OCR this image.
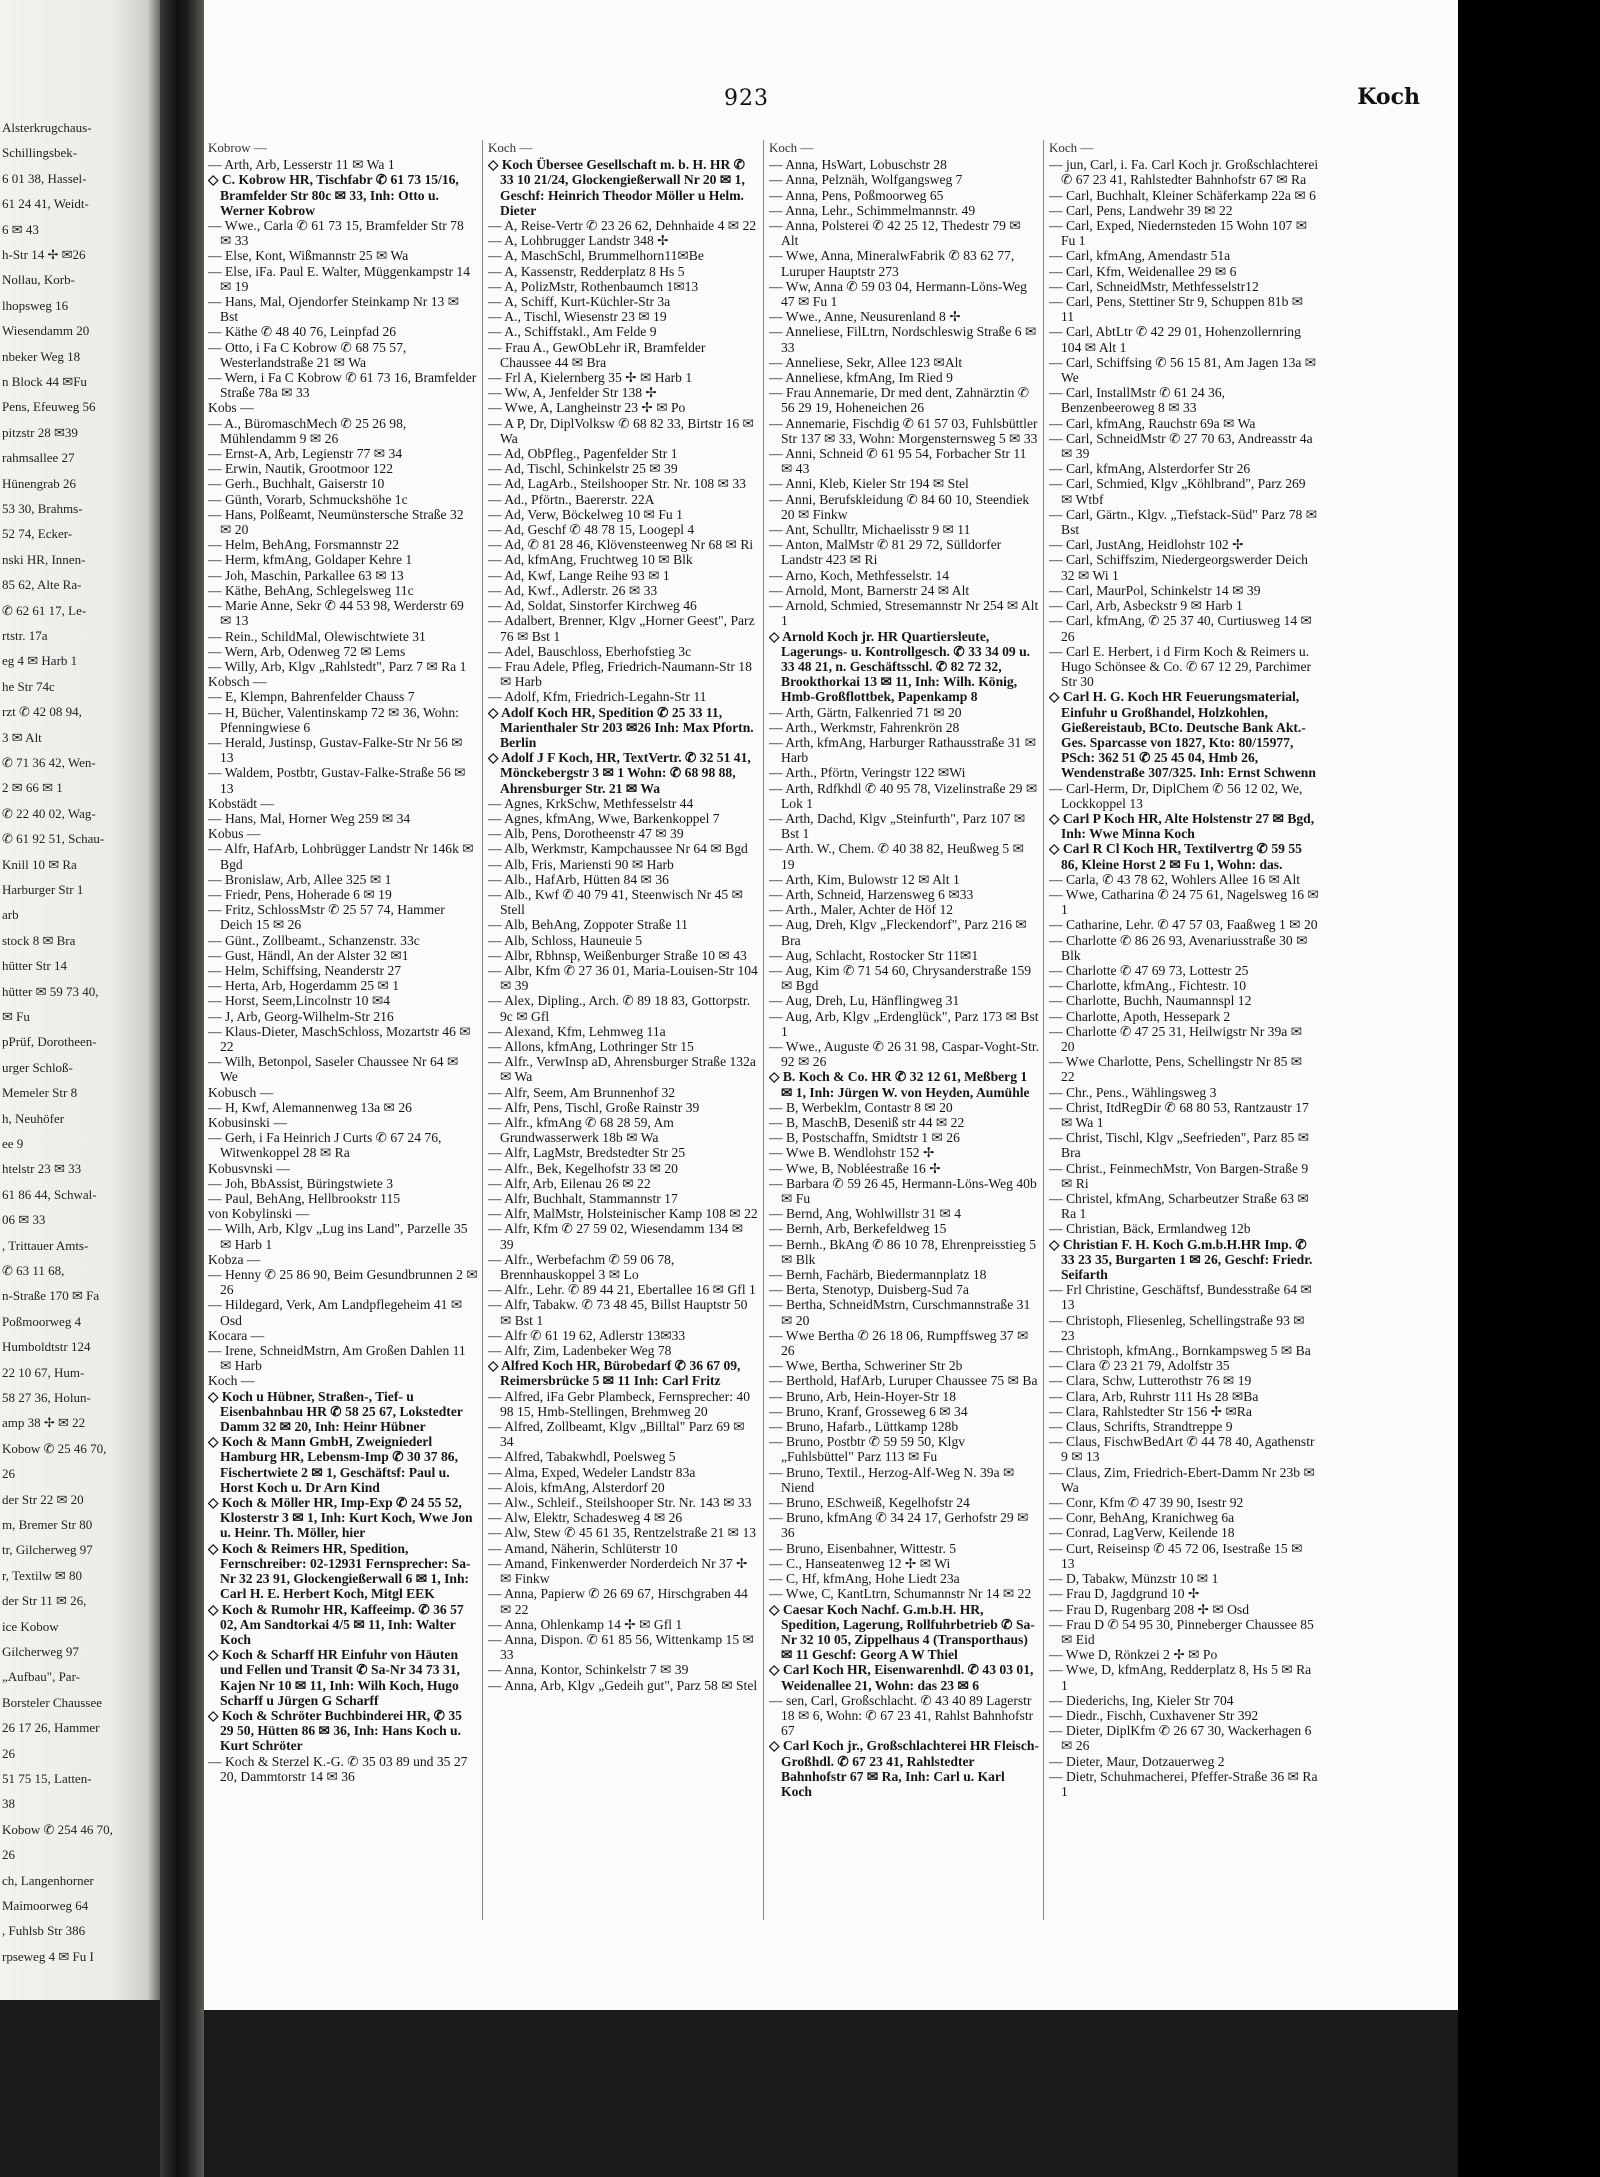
Alsterkrugchaus-
Schillingsbek-
6 01 38, Hassel-
61 24 41, Weidt-
6 ✉ 43
h-Str 14 ✢ ✉26
Nollau, Korb-
lhopsweg 16
Wiesendamm 20
nbeker Weg 18
n Block 44 ✉Fu
Pens, Efeuweg 56
pitzstr 28 ✉39
rahmsallee 27
Hünengrab 26
53 30, Brahms-
52 74, Ecker-
nski HR, Innen-
85 62, Alte Ra-
✆ 62 61 17, Le-
rtstr. 17a
eg 4 ✉ Harb 1
he Str 74c
rzt ✆ 42 08 94,
3 ✉ Alt
✆ 71 36 42, Wen-
2 ✉ 66 ✉ 1
✆ 22 40 02, Wag-
✆ 61 92 51, Schau-
Knill 10 ✉ Ra
Harburger Str 1
arb
stock 8 ✉ Bra
hütter Str 14
hütter ✉ 59 73 40,
✉ Fu
pPrüf, Dorotheen-
urger Schloß-
Memeler Str 8
h, Neuhöfer
ee 9
htelstr 23 ✉ 33
61 86 44, Schwal-
06 ✉ 33
, Trittauer Amts-
✆ 63 11 68,
n-Straße 170 ✉ Fa
Poßmoorweg 4
Humboldtstr 124
22 10 67, Hum-
58 27 36, Holun-
amp 38 ✢ ✉ 22
Kobow ✆ 25 46 70,
26
der Str 22 ✉ 20
m, Bremer Str 80
tr, Gilcherweg 97
r, Textilw ✉ 80
der Str 11 ✉ 26,
ice Kobow
Gilcherweg 97
„Aufbau", Par-
Borsteler Chaussee
26 17 26, Hammer
26
51 75 15, Latten-
38
Kobow ✆ 254 46 70,
26
ch, Langenhorner
Maimoorweg 64
, Fuhlsb Str 386
rpseweg 4 ✉ Fu I
923	Koch
Kobrow —

— Arth, Arb, Lesserstr 11 ✉ Wa 1

◇ C. Kobrow HR, Tischfabr ✆ 61 73 15/16, Bramfelder Str 80c ✉ 33, Inh: Otto u. Werner Kobrow

— Wwe., Carla ✆ 61 73 15, Bramfelder Str 78 ✉ 33

— Else, Kont, Wißmannstr 25 ✉ Wa

— Else, iFa. Paul E. Walter, Müggenkampstr 14 ✉ 19

— Hans, Mal, Ojendorfer Steinkamp Nr 13 ✉ Bst

— Käthe ✆ 48 40 76, Leinpfad 26

— Otto, i Fa C Kobrow ✆ 68 75 57, Westerlandstraße 21 ✉ Wa

— Wern, i Fa C Kobrow ✆ 61 73 16, Bramfelder Straße 78a ✉ 33

Kobs —

— A., BüromaschMech ✆ 25 26 98, Mühlendamm 9 ✉ 26

— Ernst-A, Arb, Legienstr 77 ✉ 34

— Erwin, Nautik, Grootmoor 122

— Gerh., Buchhalt, Gaiserstr 10

— Günth, Vorarb, Schmuckshöhe 1c

— Hans, Polßeamt, Neumünstersche Straße 32 ✉ 20

— Helm, BehAng, Forsmannstr 22

— Herm, kfmAng, Goldaper Kehre 1

— Joh, Maschin, Parkallee 63 ✉ 13

— Käthe, BehAng, Schlegelsweg 11c

— Marie Anne, Sekr ✆ 44 53 98, Werderstr 69 ✉ 13

— Rein., SchildMal, Olewischtwiete 31

— Wern, Arb, Odenweg 72 ✉ Lems

— Willy, Arb, Klgv „Rahlstedt", Parz 7 ✉ Ra 1

Kobsch —

— E, Klempn, Bahrenfelder Chauss 7

— H, Bücher, Valentinskamp 72 ✉ 36, Wohn: Pfenningwiese 6

— Herald, Justinsp, Gustav-Falke-Str Nr 56 ✉ 13

— Waldem, Postbtr, Gustav-Falke-Straße 56 ✉ 13

Kobstädt —

— Hans, Mal, Horner Weg 259 ✉ 34

Kobus —

— Alfr, HafArb, Lohbrügger Landstr Nr 146k ✉ Bgd

— Bronislaw, Arb, Allee 325 ✉ 1

— Friedr, Pens, Hoherade 6 ✉ 19

— Fritz, SchlossMstr ✆ 25 57 74, Hammer Deich 15 ✉ 26

— Günt., Zollbeamt., Schanzenstr. 33c

— Gust, Händl, An der Alster 32 ✉1

— Helm, Schiffsing, Neanderstr 27

— Herta, Arb, Hogerdamm 25 ✉ 1

— Horst, Seem,Lincolnstr 10 ✉4

— J, Arb, Georg-Wilhelm-Str 216

— Klaus-Dieter, MaschSchloss, Mozartstr 46 ✉ 22

— Wilh, Betonpol, Saseler Chaussee Nr 64 ✉ We

Kobusch —

— H, Kwf, Alemannenweg 13a ✉ 26

Kobusinski —

— Gerh, i Fa Heinrich J Curts ✆ 67 24 76, Witwenkoppel 28 ✉ Ra

Kobusvnski —

— Joh, BbAssist, Büringstwiete 3

— Paul, BehAng, Hellbrookstr 115

von Kobylinski —

— Wilh, Arb, Klgv „Lug ins Land", Parzelle 35 ✉ Harb 1

Kobza —

— Henny ✆ 25 86 90, Beim Gesundbrunnen 2 ✉ 26

— Hildegard, Verk, Am Landpflegeheim 41 ✉ Osd

Kocara —

— Irene, SchneidMstrn, Am Großen Dahlen 11 ✉ Harb

Koch —

◇ Koch u Hübner, Straßen-, Tief- u Eisenbahnbau HR ✆ 58 25 67, Lokstedter Damm 32 ✉ 20, Inh: Heinr Hübner

◇ Koch & Mann GmbH, Zweigniederl Hamburg HR, Lebensm-Imp ✆ 30 37 86, Fischertwiete 2 ✉ 1, Geschäftsf: Paul u. Horst Koch u. Dr Arn Kind

◇ Koch & Möller HR, Imp-Exp ✆ 24 55 52, Klosterstr 3 ✉ 1, Inh: Kurt Koch, Wwe Jon u. Heinr. Th. Möller, hier

◇ Koch & Reimers HR, Spedition, Fernschreiber: 02-12931 Fernsprecher: Sa-Nr 32 23 91, Glockengießerwall 6 ✉ 1, Inh: Carl H. E. Herbert Koch, Mitgl EEK

◇ Koch & Rumohr HR, Kaffeeimp. ✆ 36 57 02, Am Sandtorkai 4/5 ✉ 11, Inh: Walter Koch

◇ Koch & Scharff HR Einfuhr von Häuten und Fellen und Transit ✆ Sa-Nr 34 73 31, Kajen Nr 10 ✉ 11, Inh: Wilh Koch, Hugo Scharff u Jürgen G Scharff

◇ Koch & Schröter Buchbinderei HR, ✆ 35 29 50, Hütten 86 ✉ 36, Inh: Hans Koch u. Kurt Schröter

— Koch & Sterzel K.-G. ✆ 35 03 89 und 35 27 20, Dammtorstr 14 ✉ 36

Koch —

◇ Koch Übersee Gesellschaft m. b. H. HR ✆ 33 10 21/24, Glockengießerwall Nr 20 ✉ 1, Geschf: Heinrich Theodor Möller u Helm. Dieter

— A, Reise-Vertr ✆ 23 26 62, Dehnhaide 4 ✉ 22

— A, Lohbrugger Landstr 348 ✢

— A, MaschSchl, Brummelhorn11✉Be

— A, Kassenstr, Redderplatz 8 Hs 5

— A, PolizMstr, Rothenbaumch 1✉13

— A, Schiff, Kurt-Küchler-Str 3a

— A., Tischl, Wiesenstr 23 ✉ 19

— A., Schiffstakl., Am Felde 9

— Frau A., GewObLehr iR, Bramfelder Chaussee 44 ✉ Bra

— Frl A, Kielernberg 35 ✢ ✉ Harb 1

— Ww, A, Jenfelder Str 138 ✢

— Wwe, A, Langheinstr 23 ✢ ✉ Po

— A P, Dr, DiplVolksw ✆ 68 82 33, Birtstr 16 ✉ Wa

— Ad, ObPfleg., Pagenfelder Str 1

— Ad, Tischl, Schinkelstr 25 ✉ 39

— Ad, LagArb., Steilshooper Str. Nr. 108 ✉ 33

— Ad., Pförtn., Baererstr. 22A

— Ad, Verw, Böckelweg 10 ✉ Fu 1

— Ad, Geschf ✆ 48 78 15, Loogepl 4

— Ad, ✆ 81 28 46, Klövensteenweg Nr 68 ✉ Ri

— Ad, kfmAng, Fruchtweg 10 ✉ Blk

— Ad, Kwf, Lange Reihe 93 ✉ 1

— Ad, Kwf., Adlerstr. 26 ✉ 33

— Ad, Soldat, Sinstorfer Kirchweg 46

— Adalbert, Brenner, Klgv „Horner Geest", Parz 76 ✉ Bst 1

— Adel, Bauschloss, Eberhofstieg 3c

— Frau Adele, Pfleg, Friedrich-Naumann-Str 18 ✉ Harb

— Adolf, Kfm, Friedrich-Legahn-Str 11

◇ Adolf Koch HR, Spedition ✆ 25 33 11, Marienthaler Str 203 ✉26 Inh: Max Pfortn. Berlin

◇ Adolf J F Koch, HR, TextVertr. ✆ 32 51 41, Mönckebergstr 3 ✉ 1 Wohn: ✆ 68 98 88, Ahrensburger Str. 21 ✉ Wa

— Agnes, KrkSchw, Methfesselstr 44

— Agnes, kfmAng, Wwe, Barkenkoppel 7

— Alb, Pens, Dorotheenstr 47 ✉ 39

— Alb, Werkmstr, Kampchaussee Nr 64 ✉ Bgd

— Alb, Fris, Mariensti 90 ✉ Harb

— Alb., HafArb, Hütten 84 ✉ 36

— Alb., Kwf ✆ 40 79 41, Steenwisch Nr 45 ✉ Stell

— Alb, BehAng, Zoppoter Straße 11

— Alb, Schloss, Hauneuie 5

— Albr, Rbhnsp, Weißenburger Straße 10 ✉ 43

— Albr, Kfm ✆ 27 36 01, Maria-Louisen-Str 104 ✉ 39

— Alex, Dipling., Arch. ✆ 89 18 83, Gottorpstr. 9c ✉ Gfl

— Alexand, Kfm, Lehmweg 11a

— Allons, kfmAng, Lothringer Str 15

— Alfr., VerwInsp aD, Ahrensburger Straße 132a ✉ Wa

— Alfr, Seem, Am Brunnenhof 32

— Alfr, Pens, Tischl, Große Rainstr 39

— Alfr., kfmAng ✆ 68 28 59, Am Grundwasserwerk 18b ✉ Wa

— Alfr, LagMstr, Bredstedter Str 25

— Alfr., Bek, Kegelhofstr 33 ✉ 20

— Alfr, Arb, Eilenau 26 ✉ 22

— Alfr, Buchhalt, Stammannstr 17

— Alfr, MalMstr, Holsteinischer Kamp 108 ✉ 22

— Alfr, Kfm ✆ 27 59 02, Wiesendamm 134 ✉ 39

— Alfr., Werbefachm ✆ 59 06 78, Brennhauskoppel 3 ✉ Lo

— Alfr., Lehr. ✆ 89 44 21, Ebertallee 16 ✉ Gfl 1

— Alfr, Tabakw. ✆ 73 48 45, Billst Hauptstr 50 ✉ Bst 1

— Alfr ✆ 61 19 62, Adlerstr 13✉33

— Alfr, Zim, Ladenbeker Weg 78

◇ Alfred Koch HR, Bürobedarf ✆ 36 67 09, Reimersbrücke 5 ✉ 11 Inh: Carl Fritz

— Alfred, iFa Gebr Plambeck, Fernsprecher: 40 98 15, Hmb-Stellingen, Brehmweg 20

— Alfred, Zollbeamt, Klgv „Billtal" Parz 69 ✉ 34

— Alfred, Tabakwhdl, Poelsweg 5

— Alma, Exped, Wedeler Landstr 83a

— Alois, kfmAng, Alsterdorf 20

— Alw., Schleif., Steilshooper Str. Nr. 143 ✉ 33

— Alw, Elektr, Schadesweg 4 ✉ 26

— Alw, Stew ✆ 45 61 35, Rentzelstraße 21 ✉ 13

— Amand, Näherin, Schlüterstr 10

— Amand, Finkenwerder Norderdeich Nr 37 ✢ ✉ Finkw

— Anna, Papierw ✆ 26 69 67, Hirschgraben 44 ✉ 22

— Anna, Ohlenkamp 14 ✢ ✉ Gfl 1

— Anna, Dispon. ✆ 61 85 56, Wittenkamp 15 ✉ 33

— Anna, Kontor, Schinkelstr 7 ✉ 39

— Anna, Arb, Klgv „Gedeih gut", Parz 58 ✉ Stel

Koch —

— Anna, HsWart, Lobuschstr 28

— Anna, Pelznäh, Wolfgangsweg 7

— Anna, Pens, Poßmoorweg 65

— Anna, Lehr., Schimmelmannstr. 49

— Anna, Polsterei ✆ 42 25 12, Thedestr 79 ✉ Alt

— Wwe, Anna, MineralwFabrik ✆ 83 62 77, Luruper Hauptstr 273

— Ww, Anna ✆ 59 03 04, Hermann-Löns-Weg 47 ✉ Fu 1

— Wwe., Anne, Neusurenland 8 ✢

— Anneliese, FilLtrn, Nordschleswig Straße 6 ✉ 33

— Anneliese, Sekr, Allee 123 ✉Alt

— Anneliese, kfmAng, Im Ried 9

— Frau Annemarie, Dr med dent, Zahnärztin ✆ 56 29 19, Hoheneichen 26

— Annemarie, Fischdig ✆ 61 57 03, Fuhlsbüttler Str 137 ✉ 33, Wohn: Morgensternsweg 5 ✉ 33

— Anni, Schneid ✆ 61 95 54, Forbacher Str 11 ✉ 43

— Anni, Kleb, Kieler Str 194 ✉ Stel

— Anni, Berufskleidung ✆ 84 60 10, Steendiek 20 ✉ Finkw

— Ant, Schulltr, Michaelisstr 9 ✉ 11

— Anton, MalMstr ✆ 81 29 72, Sülldorfer Landstr 423 ✉ Ri

— Arno, Koch, Methfesselstr. 14

— Arnold, Mont, Barnerstr 24 ✉ Alt

— Arnold, Schmied, Stresemannstr Nr 254 ✉ Alt 1

◇ Arnold Koch jr. HR Quartiersleute, Lagerungs- u. Kontrollgesch. ✆ 33 34 09 u. 33 48 21, n. Geschäftsschl. ✆ 82 72 32, Brookthorkai 13 ✉ 11, Inh: Wilh. König, Hmb-Großflottbek, Papenkamp 8

— Arth, Gärtn, Falkenried 71 ✉ 20

— Arth., Werkmstr, Fahrenkrön 28

— Arth, kfmAng, Harburger Rathausstraße 31 ✉ Harb

— Arth., Pförtn, Veringstr 122 ✉Wi

— Arth, Rdfkhdl ✆ 40 95 78, Vizelinstraße 29 ✉ Lok 1

— Arth, Dachd, Klgv „Steinfurth", Parz 107 ✉ Bst 1

— Arth. W., Chem. ✆ 40 38 82, Heußweg 5 ✉ 19

— Arth, Kim, Bulowstr 12 ✉ Alt 1

— Arth, Schneid, Harzensweg 6 ✉33

— Arth., Maler, Achter de Höf 12

— Aug, Dreh, Klgv „Fleckendorf", Parz 216 ✉ Bra

— Aug, Schlacht, Rostocker Str 11✉1

— Aug, Kim ✆ 71 54 60, Chrysanderstraße 159 ✉ Bgd

— Aug, Dreh, Lu, Hänflingweg 31

— Aug, Arb, Klgv „Erdenglück", Parz 173 ✉ Bst 1

— Wwe., Auguste ✆ 26 31 98, Caspar-Voght-Str. 92 ✉ 26

◇ B. Koch & Co. HR ✆ 32 12 61, Meßberg 1 ✉ 1, Inh: Jürgen W. von Heyden, Aumühle

— B, Werbeklm, Contastr 8 ✉ 20

— B, MaschB, Deseniß str 44 ✉ 22

— B, Postschaffn, Smidtstr 1 ✉ 26

— Wwe B. Wendlohstr 152 ✢

— Wwe, B, Nobléestraße 16 ✢

— Barbara ✆ 59 26 45, Hermann-Löns-Weg 40b ✉ Fu

— Bernd, Ang, Wohlwillstr 31 ✉ 4

— Bernh, Arb, Berkefeldweg 15

— Bernh., BkAng ✆ 86 10 78, Ehrenpreisstieg 5 ✉ Blk

— Bernh, Fachärb, Biedermannplatz 18

— Berta, Stenotyp, Duisberg-Sud 7a

— Bertha, SchneidMstrn, Curschmannstraße 31 ✉ 20

— Wwe Bertha ✆ 26 18 06, Rumpffsweg 37 ✉ 26

— Wwe, Bertha, Schweriner Str 2b

— Berthold, HafArb, Luruper Chaussee 75 ✉ Ba

— Bruno, Arb, Hein-Hoyer-Str 18

— Bruno, Kranf, Grosseweg 6 ✉ 34

— Bruno, Hafarb., Lüttkamp 128b

— Bruno, Postbtr ✆ 59 59 50, Klgv „Fuhlsbüttel" Parz 113 ✉ Fu

— Bruno, Textil., Herzog-Alf-Weg N. 39a ✉ Niend

— Bruno, ESchweiß, Kegelhofstr 24

— Bruno, kfmAng ✆ 34 24 17, Gerhofstr 29 ✉ 36

— Bruno, Eisenbahner, Wittestr. 5

— C., Hanseatenweg 12 ✢ ✉ Wi

— C, Hf, kfmAng, Hohe Liedt 23a

— Wwe, C, KantLtrn, Schumannstr Nr 14 ✉ 22

◇ Caesar Koch Nachf. G.m.b.H. HR, Spedition, Lagerung, Rollfuhrbetrieb ✆ Sa-Nr 32 10 05, Zippelhaus 4 (Transporthaus) ✉ 11 Geschf: Georg A W Thiel

◇ Carl Koch HR, Eisenwarenhdl. ✆ 43 03 01, Weidenallee 21, Wohn: das 23 ✉ 6

— sen, Carl, Großschlacht. ✆ 43 40 89 Lagerstr 18 ✉ 6, Wohn: ✆ 67 23 41, Rahlst Bahnhofstr 67

◇ Carl Koch jr., Großschlachterei HR Fleisch-Großhdl. ✆ 67 23 41, Rahlstedter Bahnhofstr 67 ✉ Ra, Inh: Carl u. Karl Koch

Koch —

— jun, Carl, i. Fa. Carl Koch jr. Großschlachterei ✆ 67 23 41, Rahlstedter Bahnhofstr 67 ✉ Ra

— Carl, Buchhalt, Kleiner Schäferkamp 22a ✉ 6

— Carl, Pens, Landwehr 39 ✉ 22

— Carl, Exped, Niedernsteden 15 Wohn 107 ✉ Fu 1

— Carl, kfmAng, Amendastr 51a

— Carl, Kfm, Weidenallee 29 ✉ 6

— Carl, SchneidMstr, Methfesselstr12

— Carl, Pens, Stettiner Str 9, Schuppen 81b ✉ 11

— Carl, AbtLtr ✆ 42 29 01, Hohenzollernring 104 ✉ Alt 1

— Carl, Schiffsing ✆ 56 15 81, Am Jagen 13a ✉ We

— Carl, InstallMstr ✆ 61 24 36, Benzenbeeroweg 8 ✉ 33

— Carl, kfmAng, Rauchstr 69a ✉ Wa

— Carl, SchneidMstr ✆ 27 70 63, Andreasstr 4a ✉ 39

— Carl, kfmAng, Alsterdorfer Str 26

— Carl, Schmied, Klgv „Köhlbrand", Parz 269 ✉ Wtbf

— Carl, Gärtn., Klgv. „Tiefstack-Süd" Parz 78 ✉ Bst

— Carl, JustAng, Heidlohstr 102 ✢

— Carl, Schiffszim, Niedergeorgswerder Deich 32 ✉ Wi 1

— Carl, MaurPol, Schinkelstr 14 ✉ 39

— Carl, Arb, Asbeckstr 9 ✉ Harb 1

— Carl, kfmAng, ✆ 25 37 40, Curtiusweg 14 ✉ 26

— Carl E. Herbert, i d Firm Koch & Reimers u. Hugo Schönsee & Co. ✆ 67 12 29, Parchimer Str 30

◇ Carl H. G. Koch HR Feuerungsmaterial, Einfuhr u Großhandel, Holzkohlen, Gießereistaub, BCto. Deutsche Bank Akt.-Ges. Sparcasse von 1827, Kto: 80/15977, PSch: 362 51 ✆ 25 45 04, Hmb 26, Wendenstraße 307/325. Inh: Ernst Schwenn

— Carl-Herm, Dr, DiplChem ✆ 56 12 02, We, Lockkoppel 13

◇ Carl P Koch HR, Alte Holstenstr 27 ✉ Bgd, Inh: Wwe Minna Koch

◇ Carl R Cl Koch HR, Textilvertrg ✆ 59 55 86, Kleine Horst 2 ✉ Fu 1, Wohn: das.

— Carla, ✆ 43 78 62, Wohlers Allee 16 ✉ Alt

— Wwe, Catharina ✆ 24 75 61, Nagelsweg 16 ✉ 1

— Catharine, Lehr. ✆ 47 57 03, Faaßweg 1 ✉ 20

— Charlotte ✆ 86 26 93, Avenariusstraße 30 ✉ Blk

— Charlotte ✆ 47 69 73, Lottestr 25

— Charlotte, kfmAng., Fichtestr. 10

— Charlotte, Buchh, Naumannspl 12

— Charlotte, Apoth, Hessepark 2

— Charlotte ✆ 47 25 31, Heilwigstr Nr 39a ✉ 20

— Wwe Charlotte, Pens, Schellingstr Nr 85 ✉ 22

— Chr., Pens., Wählingsweg 3

— Christ, ItdRegDir ✆ 68 80 53, Rantzaustr 17 ✉ Wa 1

— Christ, Tischl, Klgv „Seefrieden", Parz 85 ✉ Bra

— Christ., FeinmechMstr, Von Bargen-Straße 9 ✉ Ri

— Christel, kfmAng, Scharbeutzer Straße 63 ✉ Ra 1

— Christian, Bäck, Ermlandweg 12b

◇ Christian F. H. Koch G.m.b.H.HR Imp. ✆ 33 23 35, Burgarten 1 ✉ 26, Geschf: Friedr. Seifarth

— Frl Christine, Geschäftsf, Bundesstraße 64 ✉ 13

— Christoph, Fliesenleg, Schellingstraße 93 ✉ 23

— Christoph, kfmAng., Bornkampsweg 5 ✉ Ba

— Clara ✆ 23 21 79, Adolfstr 35

— Clara, Schw, Lutterothstr 76 ✉ 19

— Clara, Arb, Ruhrstr 111 Hs 28 ✉Ba

— Clara, Rahlstedter Str 156 ✢ ✉Ra

— Claus, Schrifts, Strandtreppe 9

— Claus, FischwBedArt ✆ 44 78 40, Agathenstr 9 ✉ 13

— Claus, Zim, Friedrich-Ebert-Damm Nr 23b ✉ Wa

— Conr, Kfm ✆ 47 39 90, Isestr 92

— Conr, BehAng, Kranichweg 6a

— Conrad, LagVerw, Keilende 18

— Curt, Reiseinsp ✆ 45 72 06, Isestraße 15 ✉ 13

— D, Tabakw, Münzstr 10 ✉ 1

— Frau D, Jagdgrund 10 ✢

— Frau D, Rugenbarg 208 ✢ ✉ Osd

— Frau D ✆ 54 95 30, Pinneberger Chaussee 85 ✉ Eid

— Wwe D, Rönkzei 2 ✢ ✉ Po

— Wwe, D, kfmAng, Redderplatz 8, Hs 5 ✉ Ra 1

— Diederichs, Ing, Kieler Str 704

— Diedr., Fischh, Cuxhavener Str 392

— Dieter, DiplKfm ✆ 26 67 30, Wackerhagen 6 ✉ 26

— Dieter, Maur, Dotzauerweg 2

— Dietr, Schuhmacherei, Pfeffer-Straße 36 ✉ Ra 1
